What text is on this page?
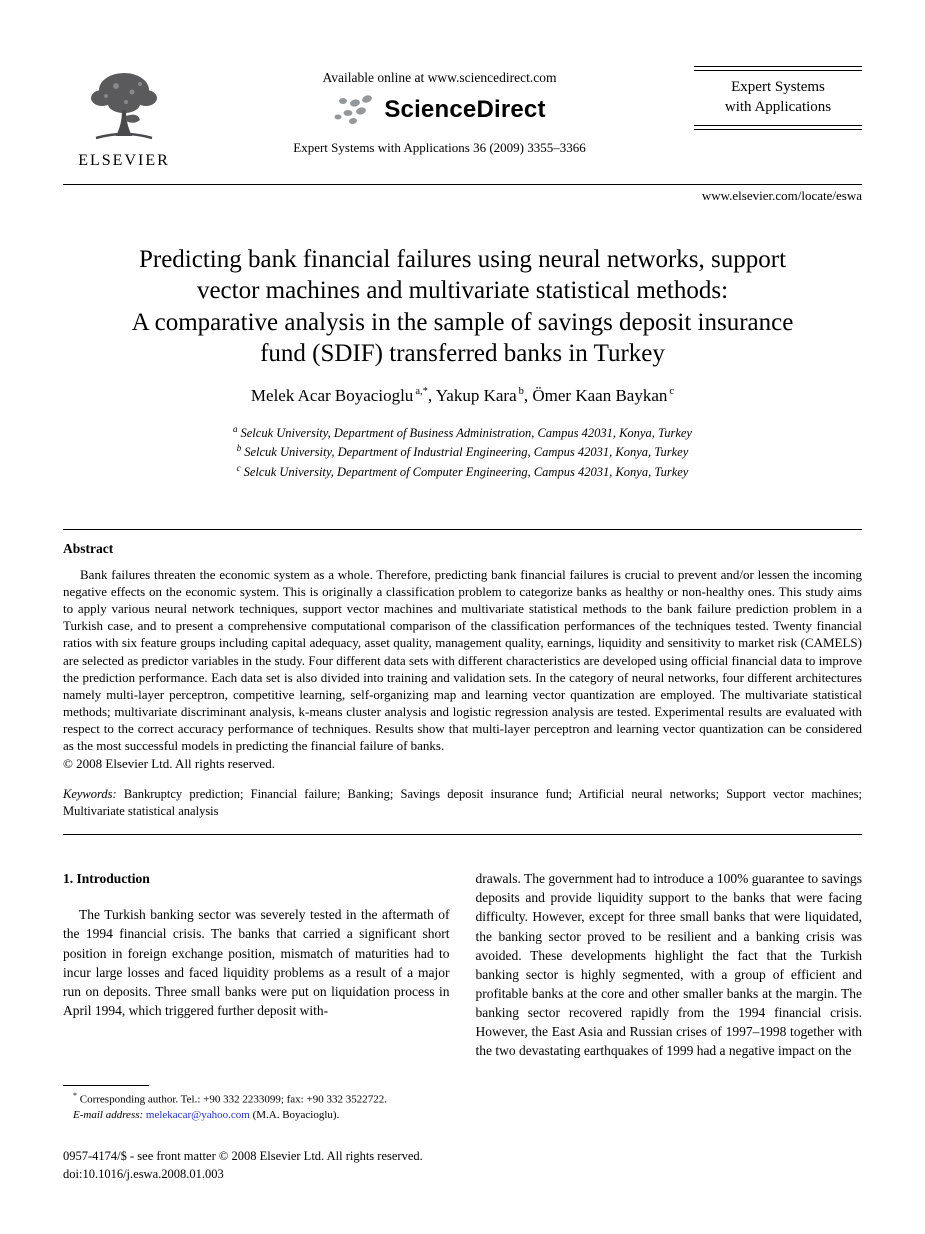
ELSEVIER
Available online at www.sciencedirect.com
ScienceDirect
Expert Systems with Applications 36 (2009) 3355–3366
Expert Systems
with Applications
www.elsevier.com/locate/eswa
Predicting bank financial failures using neural networks, support
vector machines and multivariate statistical methods:
A comparative analysis in the sample of savings deposit insurance
fund (SDIF) transferred banks in Turkey
Melek Acar Boyacioglu $^{a,*}$, Yakup Kara $^b$, Ömer Kaan Baykan $^c$
$^a$ Selcuk University, Department of Business Administration, Campus 42031, Konya, Turkey
$^b$ Selcuk University, Department of Industrial Engineering, Campus 42031, Konya, Turkey
$^c$ Selcuk University, Department of Computer Engineering, Campus 42031, Konya, Turkey
Abstract

Bank failures threaten the economic system as a whole. Therefore, predicting bank financial failures is crucial to prevent and/or lessen the incoming negative effects on the economic system. This is originally a classification problem to categorize banks as healthy or non-healthy ones. This study aims to apply various neural network techniques, support vector machines and multivariate statistical methods to the bank failure prediction problem in a Turkish case, and to present a comprehensive computational comparison of the classification performances of the techniques tested. Twenty financial ratios with six feature groups including capital adequacy, asset quality, management quality, earnings, liquidity and sensitivity to market risk (CAMELS) are selected as predictor variables in the study. Four different data sets with different characteristics are developed using official financial data to improve the prediction performance. Each data set is also divided into training and validation sets. In the category of neural networks, four different architectures namely multi-layer perceptron, competitive learning, self-organizing map and learning vector quantization are employed. The multivariate statistical methods; multivariate discriminant analysis, k-means cluster analysis and logistic regression analysis are tested. Experimental results are evaluated with respect to the correct accuracy performance of techniques. Results show that multi-layer perceptron and learning vector quantization can be considered as the most successful models in predicting the financial failure of banks.

© 2008 Elsevier Ltd. All rights reserved.
Keywords: Bankruptcy prediction; Financial failure; Banking; Savings deposit insurance fund; Artificial neural networks; Support vector machines; Multivariate statistical analysis
1. Introduction

The Turkish banking sector was severely tested in the aftermath of the 1994 financial crisis. The banks that carried a significant short position in foreign exchange position, mismatch of maturities had to incur large losses and faced liquidity problems as a result of a major run on deposits. Three small banks were put on liquidation process in April 1994, which triggered further deposit with-

* Corresponding author. Tel.: +90 332 2233099; fax: +90 332 3522722.
E-mail address: melekacar@yahoo.com (M.A. Boyacioglu).

drawals. The government had to introduce a 100% guarantee to savings deposits and provide liquidity support to the banks that were facing difficulty. However, except for three small banks that were liquidated, the banking sector proved to be resilient and a banking crisis was avoided. These developments highlight the fact that the Turkish banking sector is highly segmented, with a group of efficient and profitable banks at the core and other smaller banks at the margin. The banking sector recovered rapidly from the 1994 financial crisis. However, the East Asia and Russian crises of 1997–1998 together with the two devastating earthquakes of 1999 had a negative impact on the

0957-4174/$ - see front matter © 2008 Elsevier Ltd. All rights reserved.
doi:10.1016/j.eswa.2008.01.003
